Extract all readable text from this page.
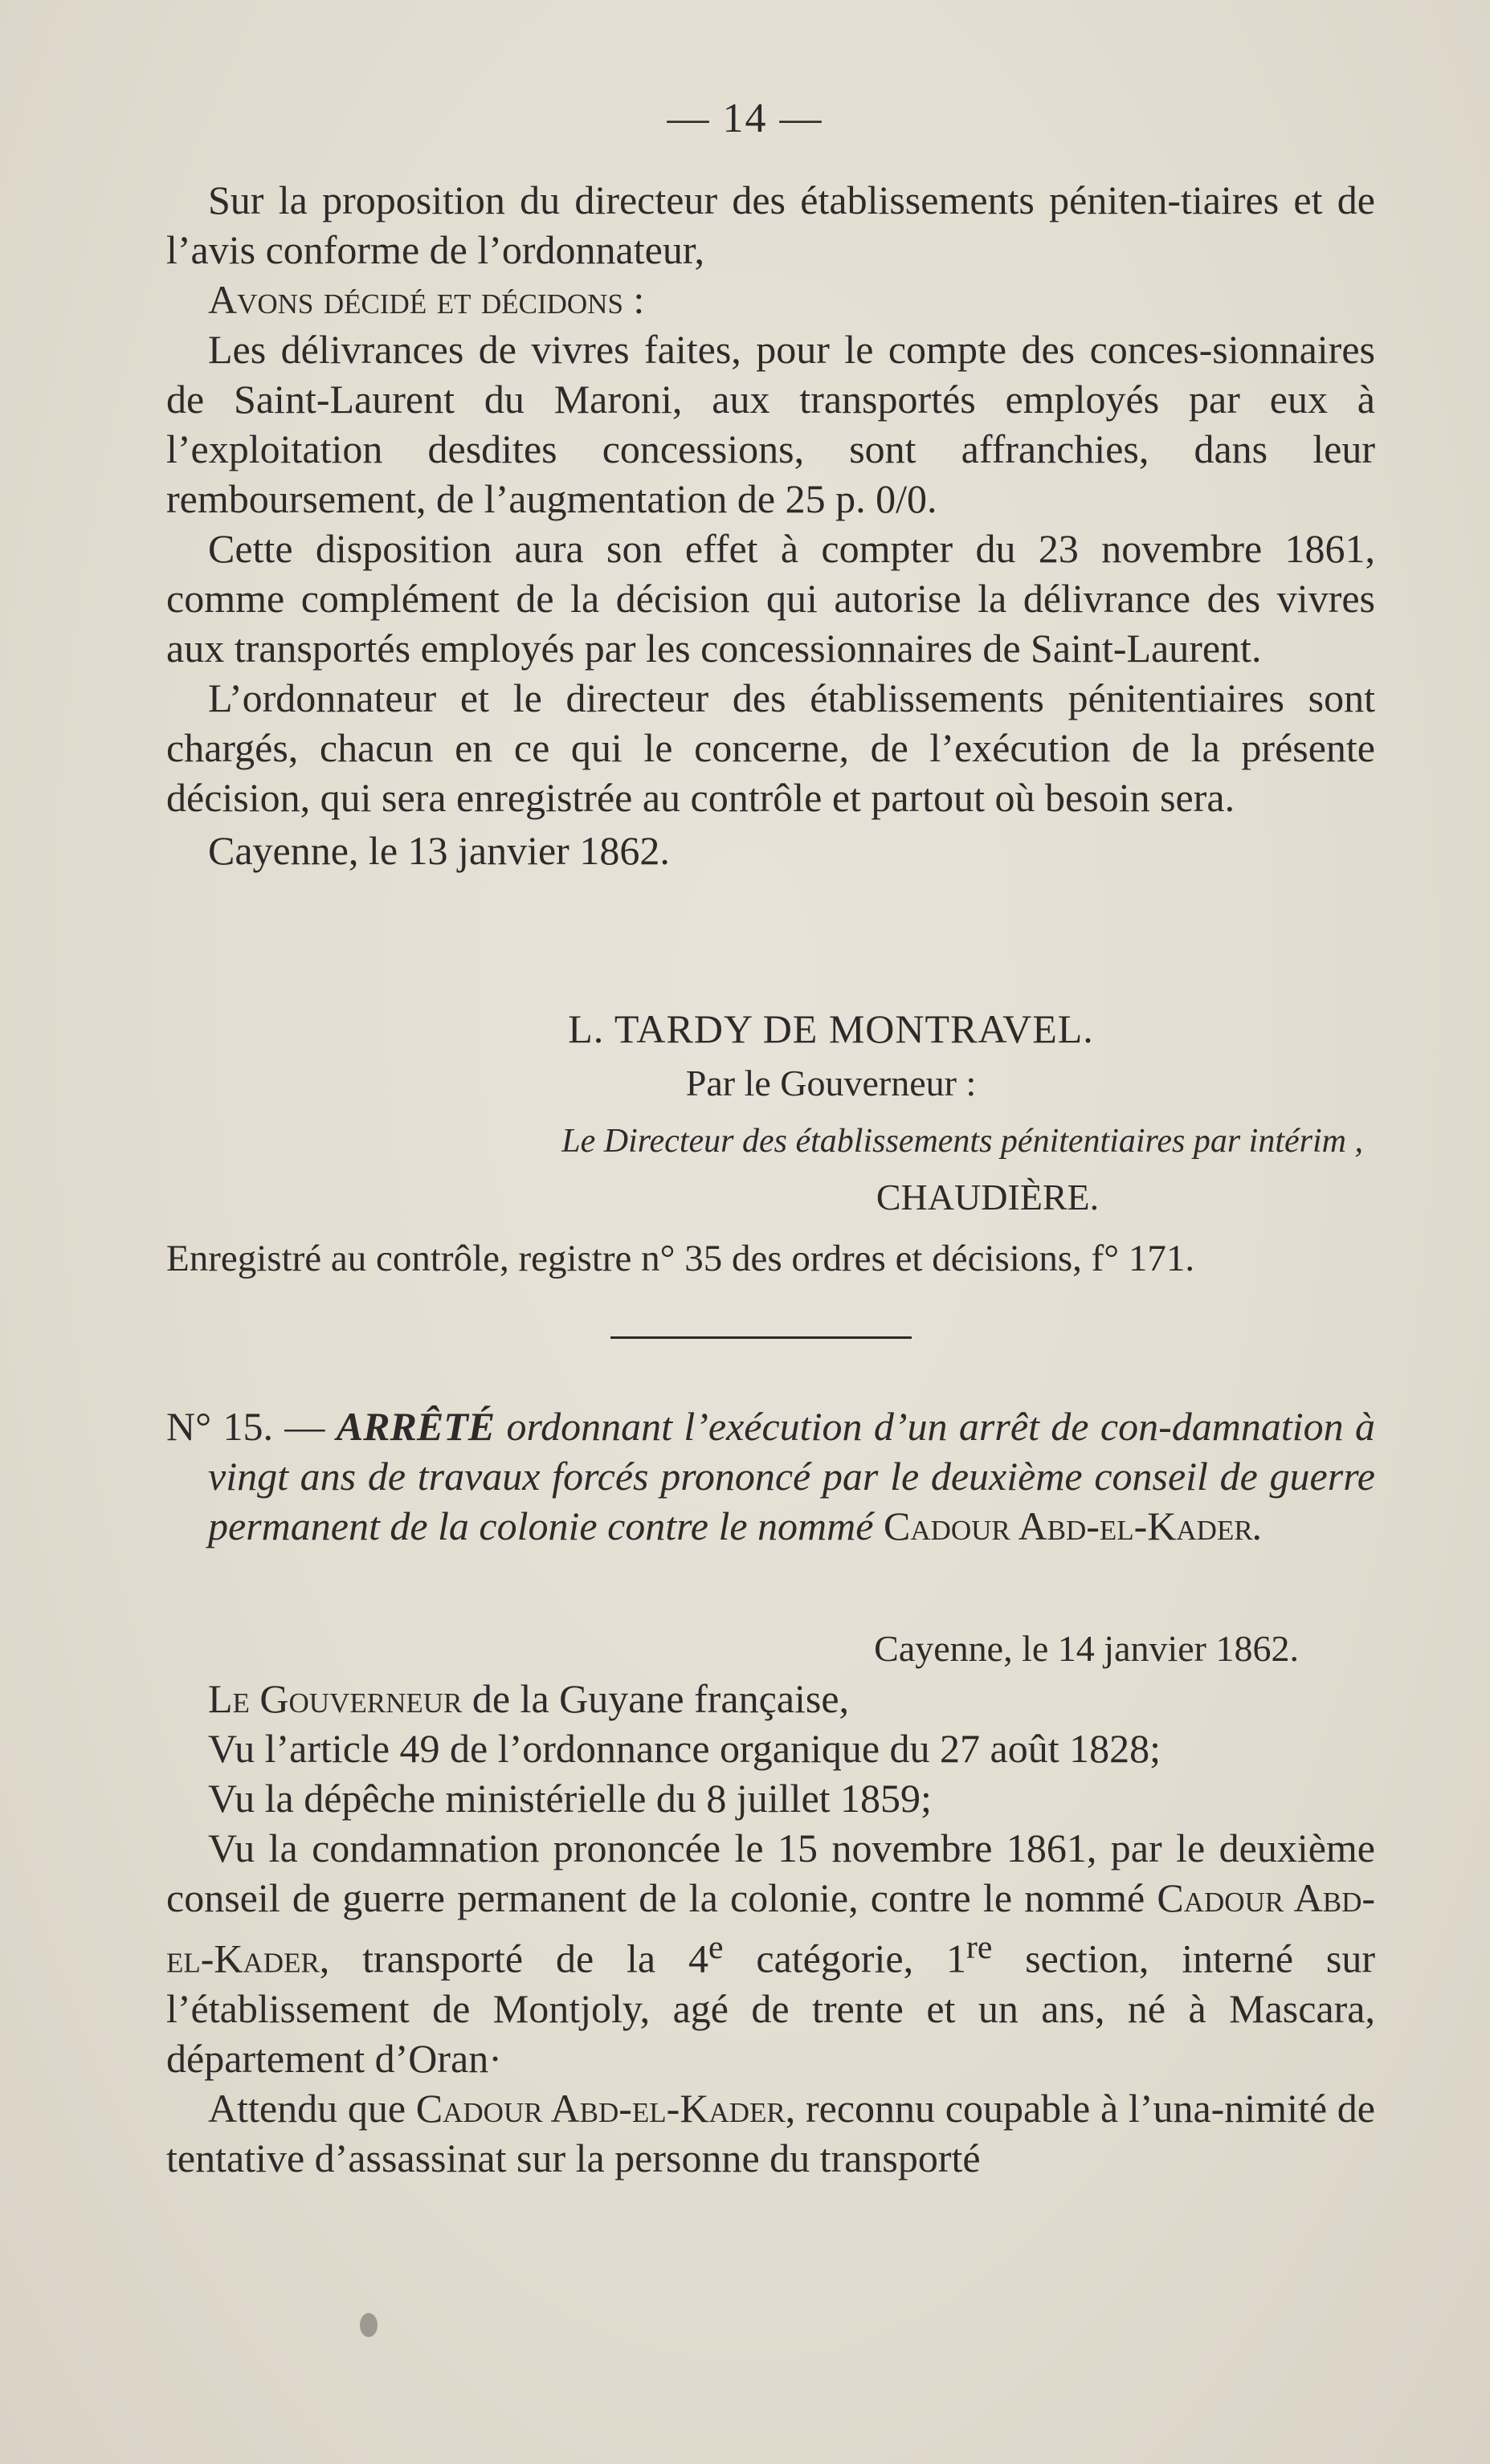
— 14 —

Sur la proposition du directeur des établissements péniten-tiaires et de l’avis conforme de l’ordonnateur,

Avons décidé et décidons :

Les délivrances de vivres faites, pour le compte des conces-sionnaires de Saint-Laurent du Maroni, aux transportés employés par eux à l’exploitation desdites concessions, sont affranchies, dans leur remboursement, de l’augmentation de 25 p. 0/0.

Cette disposition aura son effet à compter du 23 novembre 1861, comme complément de la décision qui autorise la délivrance des vivres aux transportés employés par les concessionnaires de Saint-Laurent.

L’ordonnateur et le directeur des établissements pénitentiaires sont chargés, chacun en ce qui le concerne, de l’exécution de la présente décision, qui sera enregistrée au contrôle et partout où besoin sera.

Cayenne, le 13 janvier 1862.

L. TARDY DE MONTRAVEL.

Par le Gouverneur :

Le Directeur des établissements pénitentiaires par intérim ,

CHAUDIÈRE.

Enregistré au contrôle, registre n° 35 des ordres et décisions, f° 171.

N° 15. — ARRÊTÉ ordonnant l’exécution d’un arrêt de con-damnation à vingt ans de travaux forcés prononcé par le deuxième conseil de guerre permanent de la colonie contre le nommé Cadour Abd-el-Kader.

Cayenne, le 14 janvier 1862.

Le Gouverneur de la Guyane française,

Vu l’article 49 de l’ordonnance organique du 27 août 1828;

Vu la dépêche ministérielle du 8 juillet 1859;

Vu la condamnation prononcée le 15 novembre 1861, par le deuxième conseil de guerre permanent de la colonie, contre le nommé Cadour Abd-el-Kader, transporté de la 4e catégorie, 1re section, interné sur l’établissement de Montjoly, agé de trente et un ans, né à Mascara, département d’Oran·

Attendu que Cadour Abd-el-Kader, reconnu coupable à l’una-nimité de tentative d’assassinat sur la personne du transporté
